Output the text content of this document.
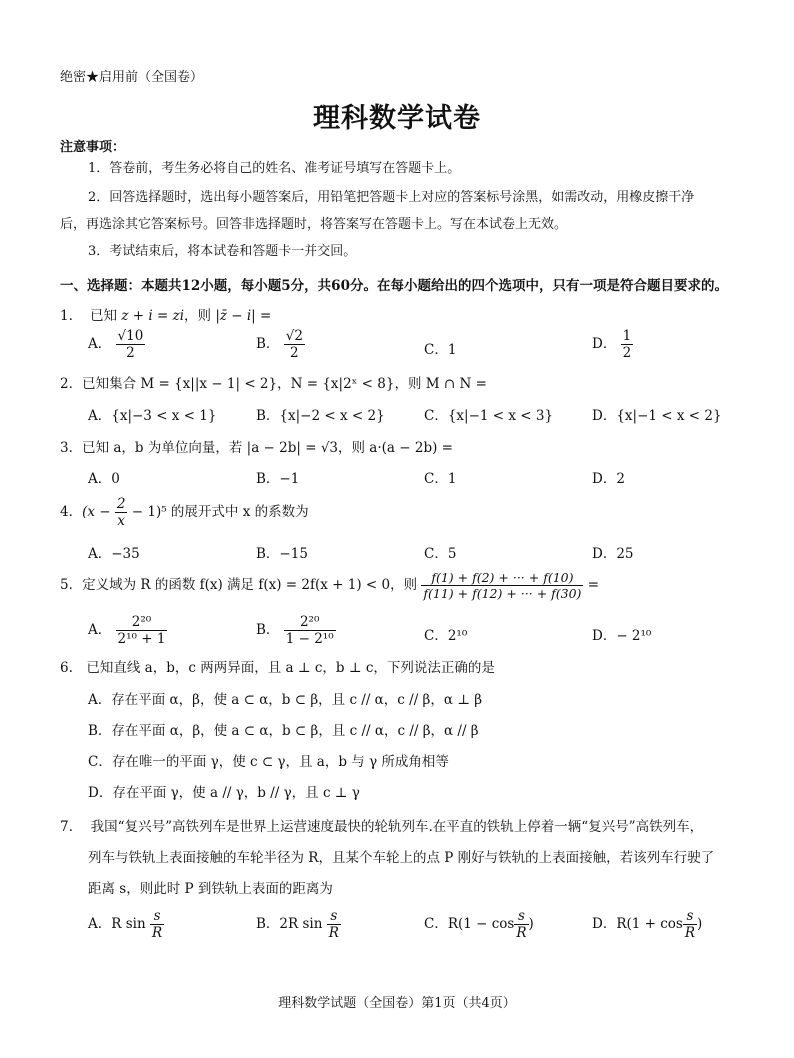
绝密★启用前（全国卷）
理科数学试卷
注意事项：
1．答卷前，考生务必将自己的姓名、准考证号填写在答题卡上。
2．回答选择题时，选出每小题答案后，用铅笔把答题卡上对应的答案标号涂黑，如需改动，用橡皮擦干净
后，再选涂其它答案标号。回答非选择题时，将答案写在答题卡上。写在本试卷上无效。
3．考试结束后，将本试卷和答题卡一并交回。
一、选择题：本题共12小题，每小题5分，共60分。在每小题给出的四个选项中，只有一项是符合题目要求的。
1. 已知 z + i = zi，则 |z̄ − i| =
A． $\frac{√10}{2}$	B． $\frac{√2}{2}$	C．1	D． $\frac{1}{2}$
2．已知集合 M = {x||x − 1| < 2}，N = {x|2ˣ < 8}，则 M ∩ N =
A．{x|−3 < x < 1}	B．{x|−2 < x < 2}	C．{x|−1 < x < 3}	D．{x|−1 < x < 2}
3．已知 a，b 为单位向量，若 |a − 2b| = √3，则 a·(a − 2b) =
A．0	B．−1	C．1	D．2
4．$(x - \frac{2}{x} - 1)^5$ 的展开式中 x 的系数为
A．−35	B．−15	C．5	D．25
5．定义域为 R 的函数 f(x) 满足 f(x) = 2f(x + 1) < 0，则 $\frac{f(1) + f(2) + \cdot\cdot\cdot + f(10)}{f(11) + f(12) + \cdot\cdot\cdot + f(30)}$ =
A． $\frac{\text{2²⁰}}{\text{2¹⁰ + 1}}$	B． $\frac{\text{2²⁰}}{\text{1 − 2¹⁰}}$	C．2¹⁰	D．− 2¹⁰
6.　已知直线 a，b，c 两两异面，且 a ⊥ c，b ⊥ c，下列说法正确的是
A．存在平面 α，β，使 a ⊂ α，b ⊂ β，且 c // α，c // β，α ⊥ β
B．存在平面 α，β，使 a ⊂ α，b ⊂ β，且 c // α，c // β，α // β
C．存在唯一的平面 γ，使 c ⊂ γ，且 a，b 与 γ 所成角相等
D．存在平面 γ，使 a // γ，b // γ，且 c ⊥ γ
7.　 我国“复兴号”高铁列车是世界上运营速度最快的轮轨列车.在平直的铁轨上停着一辆“复兴号”高铁列车，
列车与铁轨上表面接触的车轮半径为 R，且某个车轮上的点 P 刚好与铁轨的上表面接触，若该列车行驶了
距离 s，则此时 P 到铁轨上表面的距离为
A．R $\sin \frac{s}{R}$	B．2R $\sin \frac{s}{R}$	C．$R(1 - \cos \frac{s}{R}$ )	D．$R(1 + \cos \frac{s}{R}$ )
理科数学试题（全国卷）第1页（共4页）
